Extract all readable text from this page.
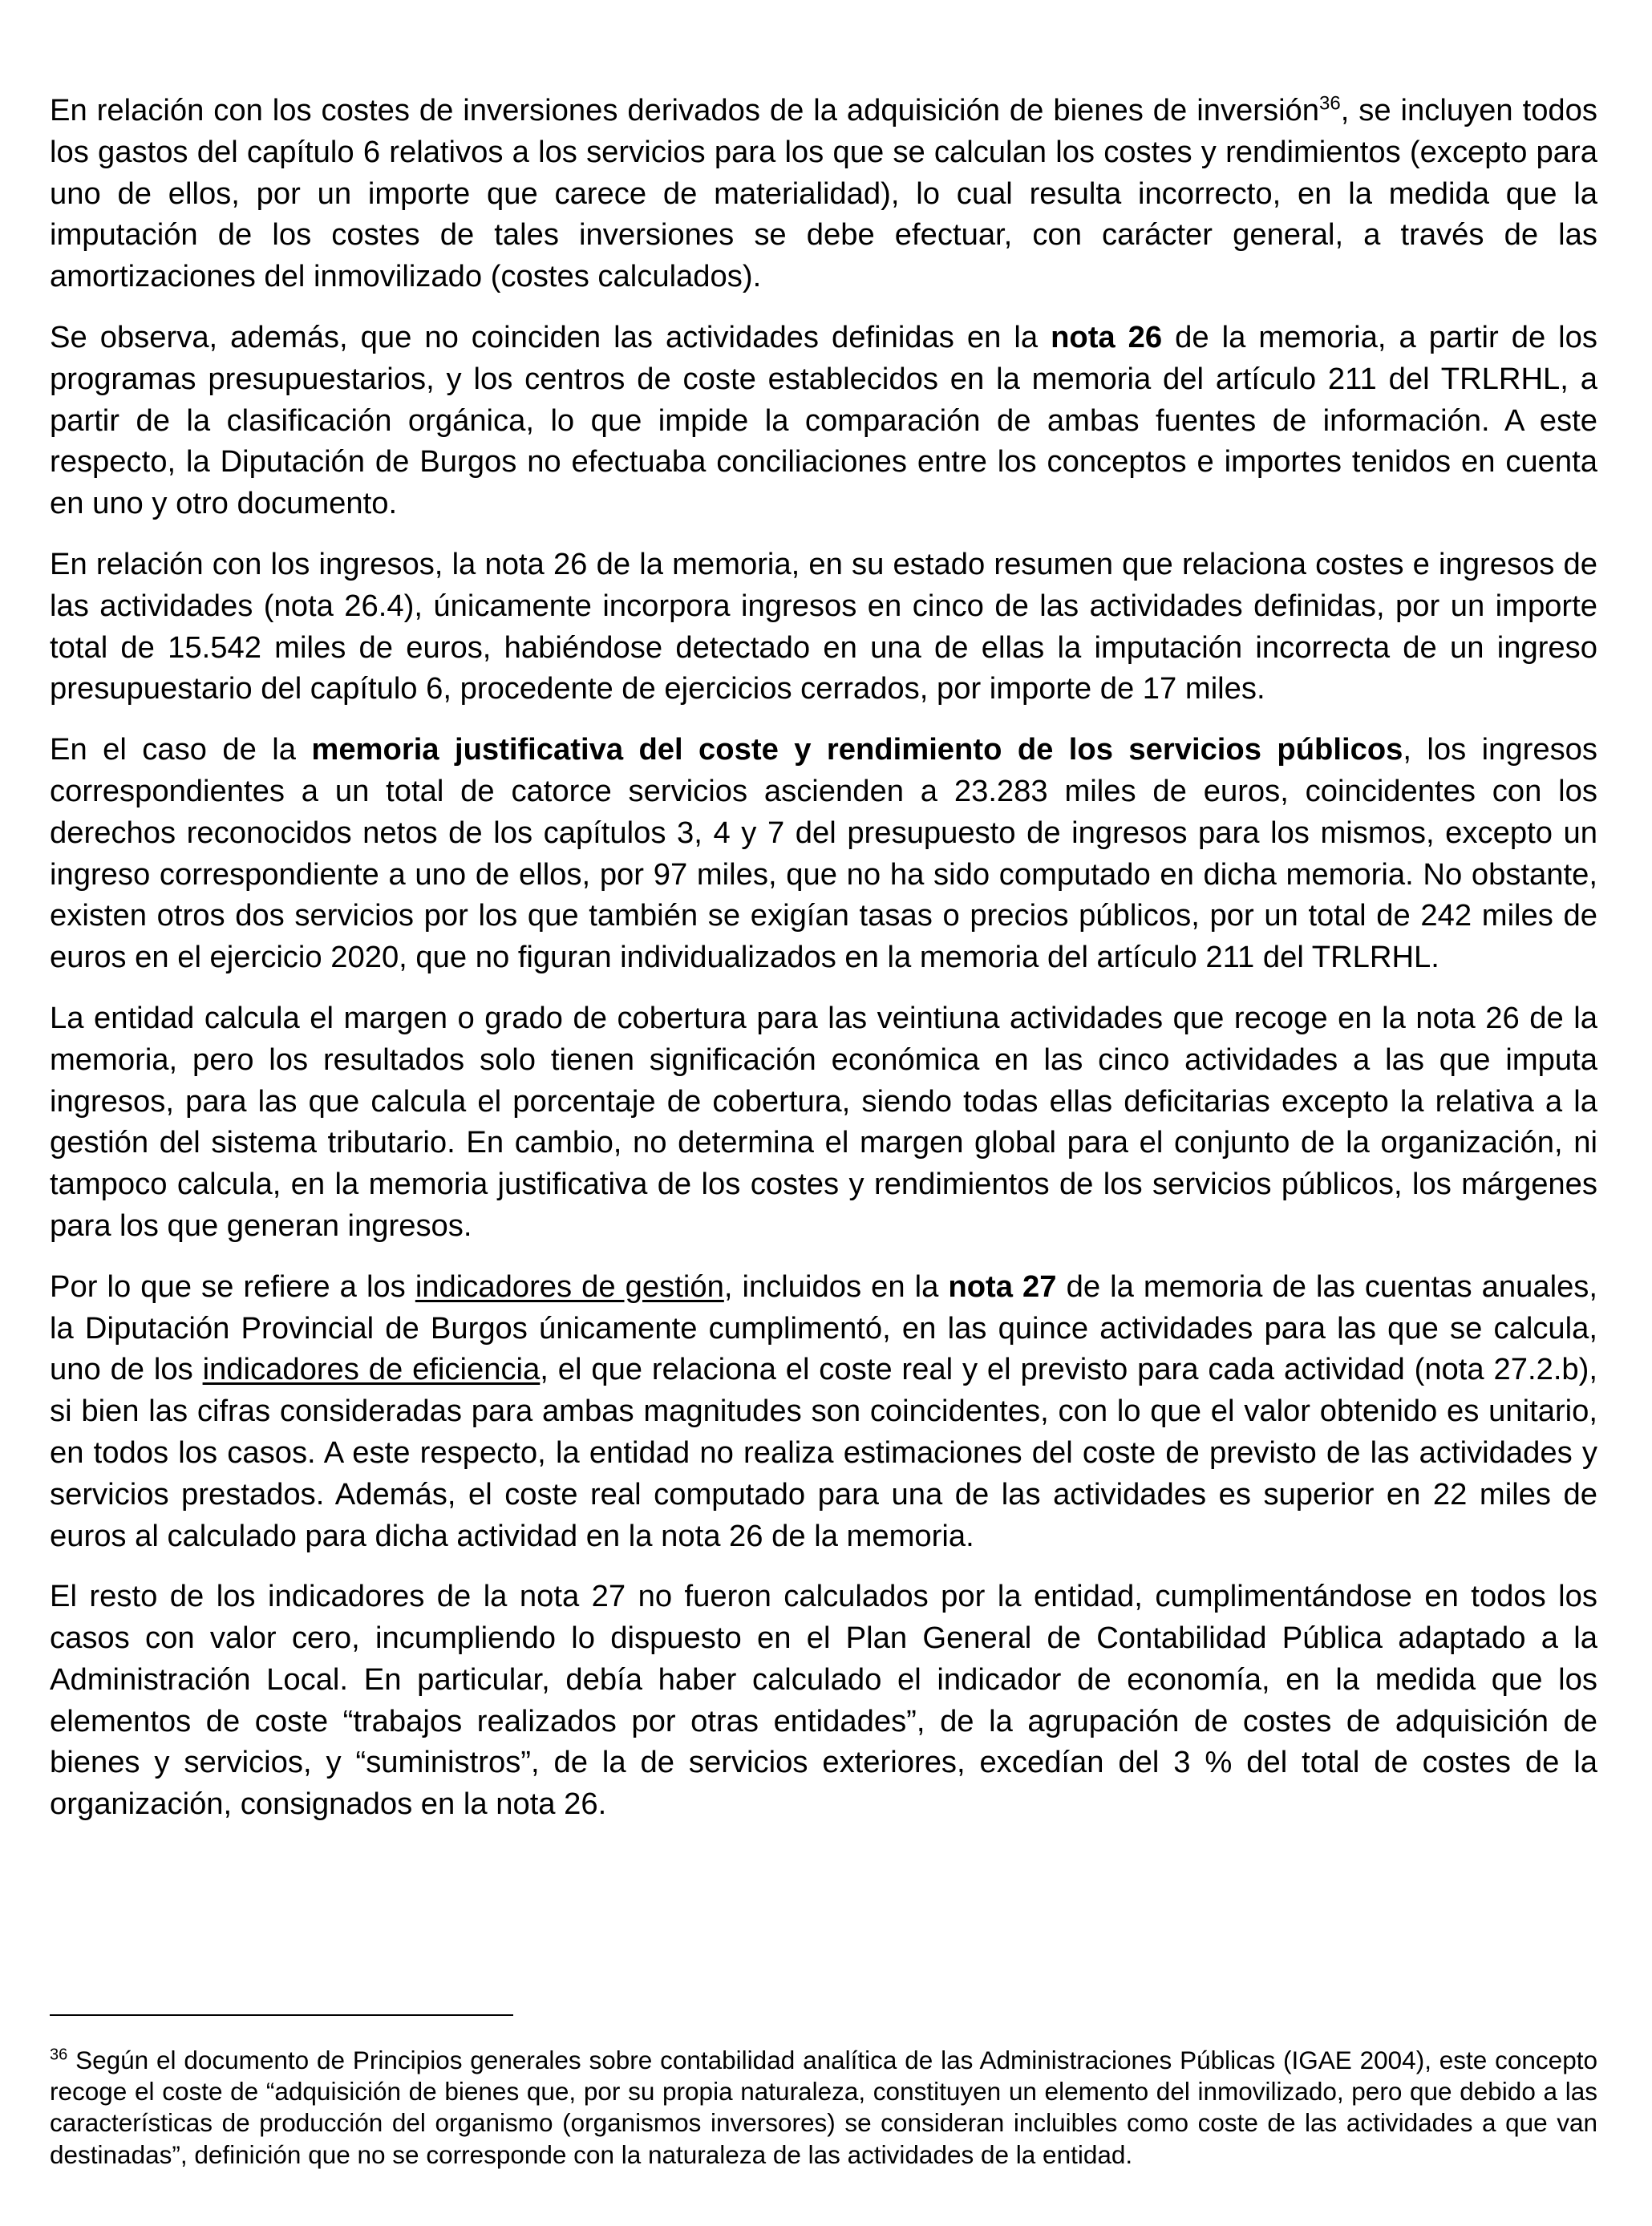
En relación con los costes de inversiones derivados de la adquisición de bienes de inversión$^{36}$, se incluyen todos los gastos del capítulo 6 relativos a los servicios para los que se calculan los costes y rendimientos (excepto para uno de ellos, por un importe que carece de materialidad), lo cual resulta incorrecto, en la medida que la imputación de los costes de tales inversiones se debe efectuar, con carácter general, a través de las amortizaciones del inmovilizado (costes calculados).

Se observa, además, que no coinciden las actividades definidas en la nota 26 de la memoria, a partir de los programas presupuestarios, y los centros de coste establecidos en la memoria del artículo 211 del TRLRHL, a partir de la clasificación orgánica, lo que impide la comparación de ambas fuentes de información. A este respecto, la Diputación de Burgos no efectuaba conciliaciones entre los conceptos e importes tenidos en cuenta en uno y otro documento.

En relación con los ingresos, la nota 26 de la memoria, en su estado resumen que relaciona costes e ingresos de las actividades (nota 26.4), únicamente incorpora ingresos en cinco de las actividades definidas, por un importe total de 15.542 miles de euros, habiéndose detectado en una de ellas la imputación incorrecta de un ingreso presupuestario del capítulo 6, procedente de ejercicios cerrados, por importe de 17 miles.

En el caso de la memoria justificativa del coste y rendimiento de los servicios públicos, los ingresos correspondientes a un total de catorce servicios ascienden a 23.283 miles de euros, coincidentes con los derechos reconocidos netos de los capítulos 3, 4 y 7 del presupuesto de ingresos para los mismos, excepto un ingreso correspondiente a uno de ellos, por 97 miles, que no ha sido computado en dicha memoria. No obstante, existen otros dos servicios por los que también se exigían tasas o precios públicos, por un total de 242 miles de euros en el ejercicio 2020, que no figuran individualizados en la memoria del artículo 211 del TRLRHL.

La entidad calcula el margen o grado de cobertura para las veintiuna actividades que recoge en la nota 26 de la memoria, pero los resultados solo tienen significación económica en las cinco actividades a las que imputa ingresos, para las que calcula el porcentaje de cobertura, siendo todas ellas deficitarias excepto la relativa a la gestión del sistema tributario. En cambio, no determina el margen global para el conjunto de la organización, ni tampoco calcula, en la memoria justificativa de los costes y rendimientos de los servicios públicos, los márgenes para los que generan ingresos.

Por lo que se refiere a los indicadores de gestión, incluidos en la nota 27 de la memoria de las cuentas anuales, la Diputación Provincial de Burgos únicamente cumplimentó, en las quince actividades para las que se calcula, uno de los indicadores de eficiencia, el que relaciona el coste real y el previsto para cada actividad (nota 27.2.b), si bien las cifras consideradas para ambas magnitudes son coincidentes, con lo que el valor obtenido es unitario, en todos los casos. A este respecto, la entidad no realiza estimaciones del coste de previsto de las actividades y servicios prestados. Además, el coste real computado para una de las actividades es superior en 22 miles de euros al calculado para dicha actividad en la nota 26 de la memoria.

El resto de los indicadores de la nota 27 no fueron calculados por la entidad, cumplimentándose en todos los casos con valor cero, incumpliendo lo dispuesto en el Plan General de Contabilidad Pública adaptado a la Administración Local. En particular, debía haber calculado el indicador de economía, en la medida que los elementos de coste “trabajos realizados por otras entidades”, de la agrupación de costes de adquisición de bienes y servicios, y “suministros”, de la de servicios exteriores, excedían del 3 % del total de costes de la organización, consignados en la nota 26.

$^{36}$ Según el documento de Principios generales sobre contabilidad analítica de las Administraciones Públicas (IGAE 2004), este concepto recoge el coste de “adquisición de bienes que, por su propia naturaleza, constituyen un elemento del inmovilizado, pero que debido a las características de producción del organismo (organismos inversores) se consideran incluibles como coste de las actividades a que van destinadas”, definición que no se corresponde con la naturaleza de las actividades de la entidad.
